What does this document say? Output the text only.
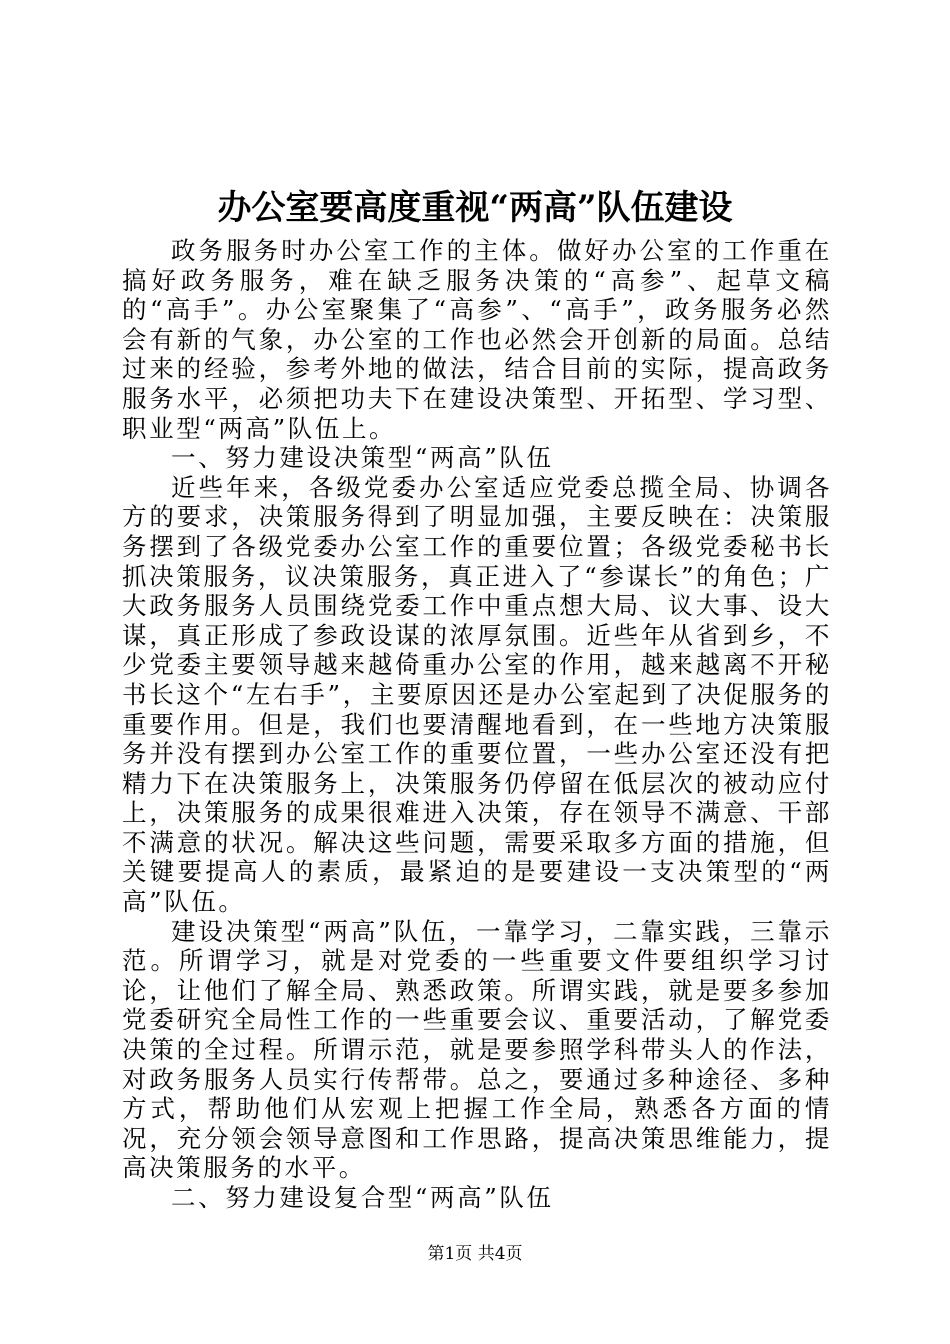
办公室要高度重视“两高”队伍建设

政务服务时办公室工作的主体。做好办公室的工作重在搞好政务服务，难在缺乏服务决策的“高参”、起草文稿的“高手”。办公室聚集了“高参”、“高手”，政务服务必然会有新的气象，办公室的工作也必然会开创新的局面。总结过来的经验，参考外地的做法，结合目前的实际，提高政务服务水平，必须把功夫下在建设决策型、开拓型、学习型、职业型“两高”队伍上。

一、努力建设决策型“两高”队伍

近些年来，各级党委办公室适应党委总揽全局、协调各方的要求，决策服务得到了明显加强，主要反映在：决策服务摆到了各级党委办公室工作的重要位置；各级党委秘书长抓决策服务，议决策服务，真正进入了“参谋长”的角色；广大政务服务人员围绕党委工作中重点想大局、议大事、设大谋，真正形成了参政设谋的浓厚氛围。近些年从省到乡，不少党委主要领导越来越倚重办公室的作用，越来越离不开秘书长这个“左右手”，主要原因还是办公室起到了决促服务的重要作用。但是，我们也要清醒地看到，在一些地方决策服务并没有摆到办公室工作的重要位置，一些办公室还没有把精力下在决策服务上，决策服务仍停留在低层次的被动应付上，决策服务的成果很难进入决策，存在领导不满意、干部不满意的状况。解决这些问题，需要采取多方面的措施，但关键要提高人的素质，最紧迫的是要建设一支决策型的“两高”队伍。

建设决策型“两高”队伍，一靠学习，二靠实践，三靠示范。所谓学习，就是对党委的一些重要文件要组织学习讨论，让他们了解全局、熟悉政策。所谓实践，就是要多参加党委研究全局性工作的一些重要会议、重要活动，了解党委决策的全过程。所谓示范，就是要参照学科带头人的作法，对政务服务人员实行传帮带。总之，要通过多种途径、多种方式，帮助他们从宏观上把握工作全局，熟悉各方面的情况，充分领会领导意图和工作思路，提高决策思维能力，提高决策服务的水平。

二、努力建设复合型“两高”队伍

第1页 共4页
